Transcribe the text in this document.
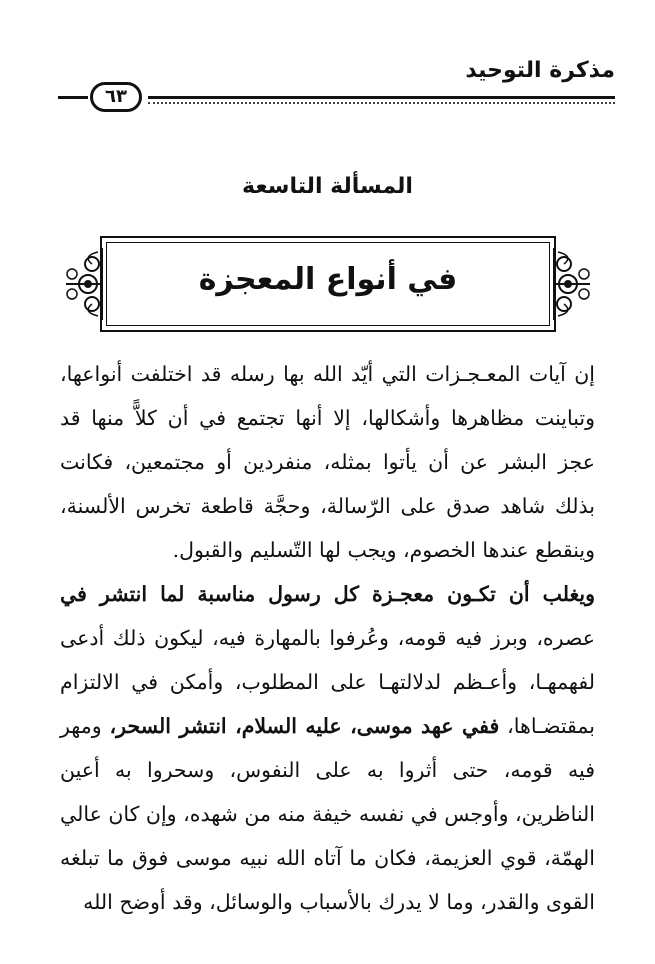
مذكرة التوحيد
٦٣
المسألة التاسعة
في أنواع المعجزة

إن آيات المعـجـزات التي أيّد الله بها رسله قد اختلفت أنواعها، وتباينت مظاهرها وأشكالها، إلا أنها تجتمع في أن كلاًّ منها قد عجز البشر عن أن يأتوا بمثله، منفردين أو مجتمعين، فكانت بذلك شاهد صدق على الرّسالة، وحجَّة قاطعة تخرس الألسنة، وينقطع عندها الخصوم، ويجب لها التّسليم والقبول.

ويغلب أن تكـون معجـزة كل رسول مناسبة لما انتشر في عصره، وبرز فيه قومه، وعُرفوا بالمهارة فيه، ليكون ذلك أدعى لفهمهـا، وأعـظم لدلالتهـا على المطلوب، وأمكن في الالتزام بمقتضـاها، ففي عهد موسى، عليه السلام، انتشر السحر، ومهر فيه قومه، حتى أثروا به على النفوس، وسحروا به أعين الناظرين، وأوجس في نفسه خيفة منه من شهده، وإن كان عالي الهمّة، قوي العزيمة، فكان ما آتاه الله نبيه موسى فوق ما تبلغه القوى والقدر، وما لا يدرك بالأسباب والوسائل، وقد أوضح الله
